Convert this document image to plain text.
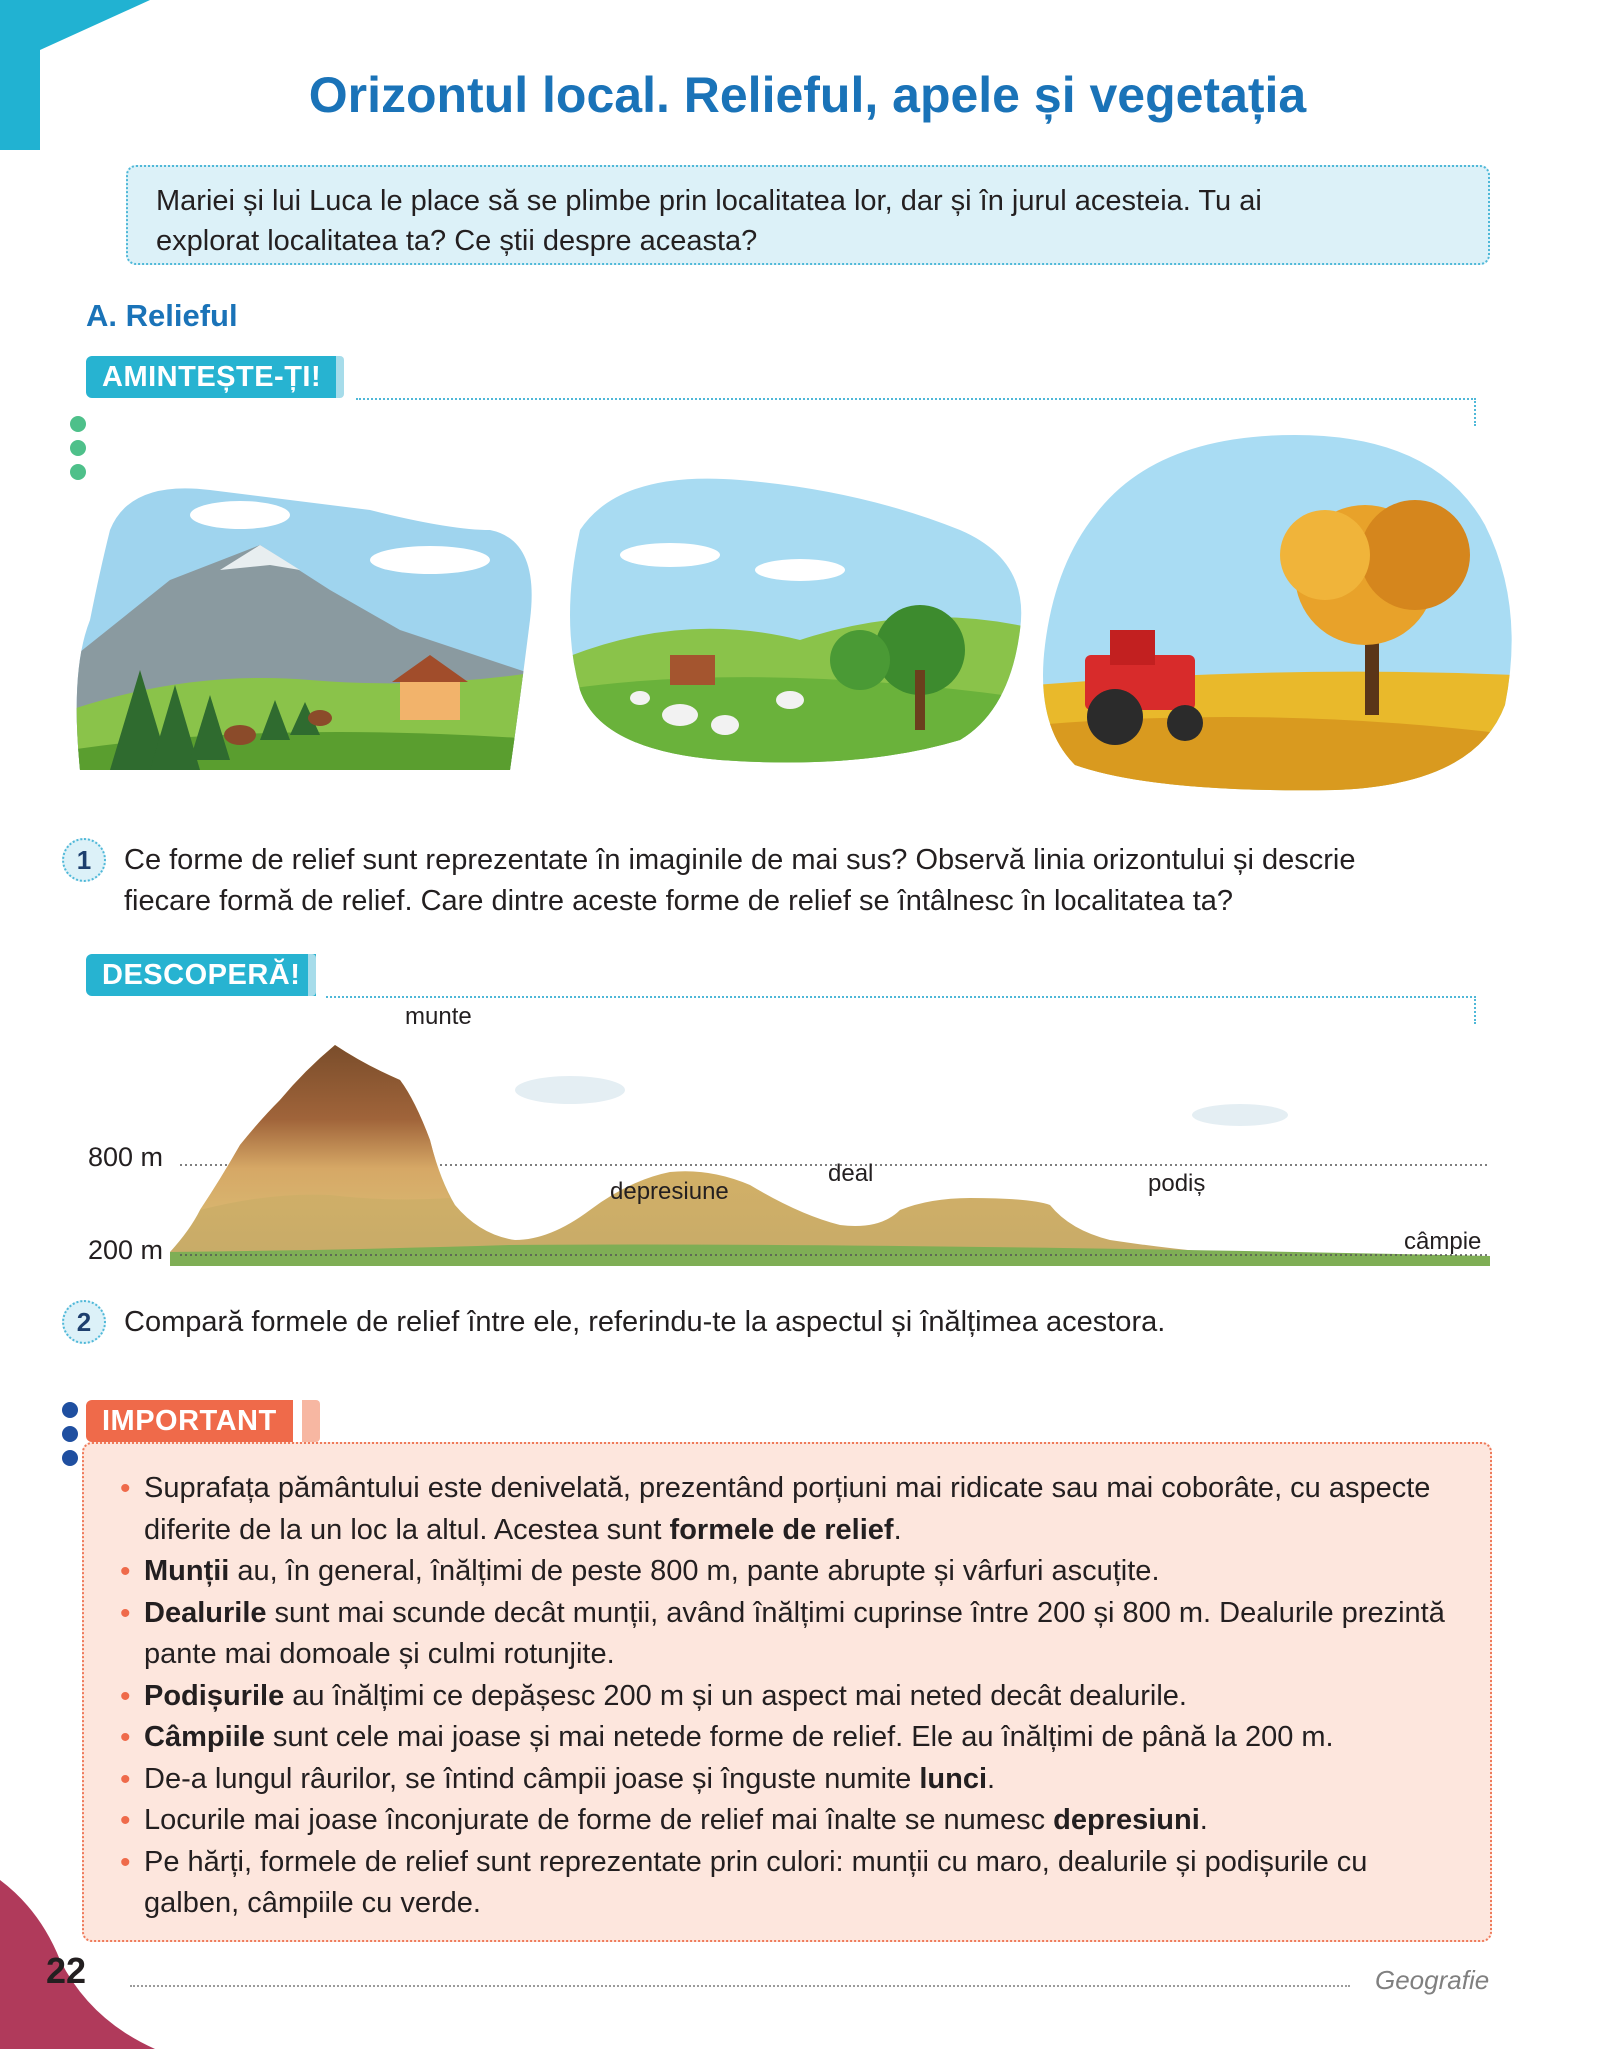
Orizontul local. Relieful, apele și vegetația
Mariei și lui Luca le place să se plimbe prin localitatea lor, dar și în jurul acesteia. Tu ai
explorat localitatea ta? Ce știi despre aceasta?
A. Relieful
AMINTEȘTE-ȚI!
1	Ce forme de relief sunt reprezentate în imaginile de mai sus? Observă linia orizontului și descrie
fiecare formă de relief. Care dintre aceste forme de relief se întâlnesc în localitatea ta?
DESCOPERĂ!
800 m
200 m
munte
depresiune
deal	podiș
câmpie
2	Compară formele de relief între ele, referindu-te la aspectul și înălțimea acestora.
IMPORTANT
• Suprafața pământului este denivelată, prezentând porțiuni mai ridicate sau mai coborâte, cu aspecte diferite de la un loc la altul. Acestea sunt formele de relief.
• Munții au, în general, înălțimi de peste 800 m, pante abrupte și vârfuri ascuțite.
• Dealurile sunt mai scunde decât munții, având înălțimi cuprinse între 200 și 800 m. Dealurile prezintă pante mai domoale și culmi rotunjite.
• Podișurile au înălțimi ce depășesc 200 m și un aspect mai neted decât dealurile.
• Câmpiile sunt cele mai joase și mai netede forme de relief. Ele au înălțimi de până la 200 m.
• De-a lungul râurilor, se întind câmpii joase și înguste numite lunci.
• Locurile mai joase înconjurate de forme de relief mai înalte se numesc depresiuni.
• Pe hărți, formele de relief sunt reprezentate prin culori: munții cu maro, dealurile și podișurile cu galben, câmpiile cu verde.
22	Geografie
